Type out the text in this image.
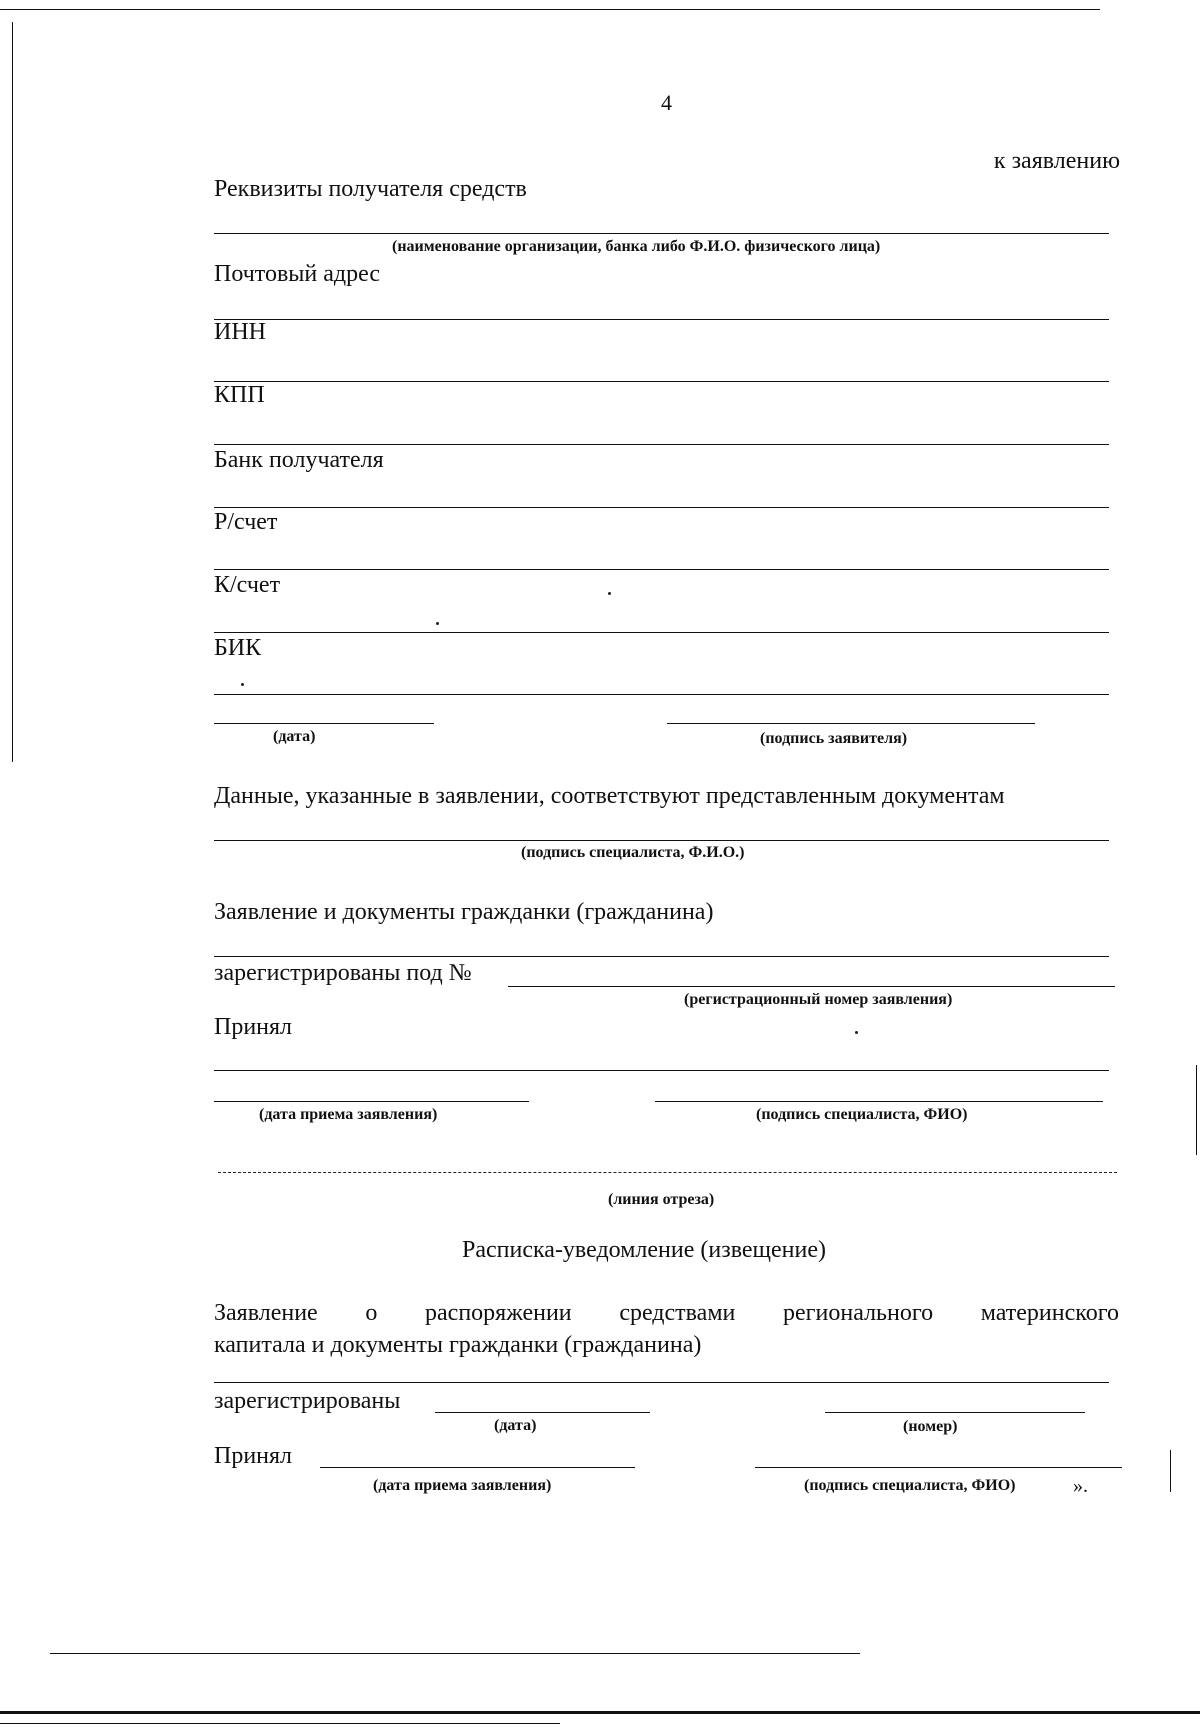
4
к заявлению
Реквизиты получателя средств
(наименование организации, банка либо Ф.И.О. физического лица)
Почтовый адрес
ИНН
КПП
Банк получателя
Р/счет
К/счет
БИК
(дата)	(подпись заявителя)
Данные, указанные в заявлении, соответствуют представленным документам
(подпись специалиста, Ф.И.О.)
Заявление и документы гражданки (гражданина)
зарегистрированы под №
(регистрационный номер заявления)
Принял
(дата приема заявления)	(подпись специалиста, ФИО)
(линия отреза)
Расписка-уведомление (извещение)
Заявление о распоряжении средствами регионального материнского
капитала и документы гражданки (гражданина)
зарегистрированы
(дата)	(номер)
Принял
(дата приема заявления)	(подпись специалиста, ФИО)	».
